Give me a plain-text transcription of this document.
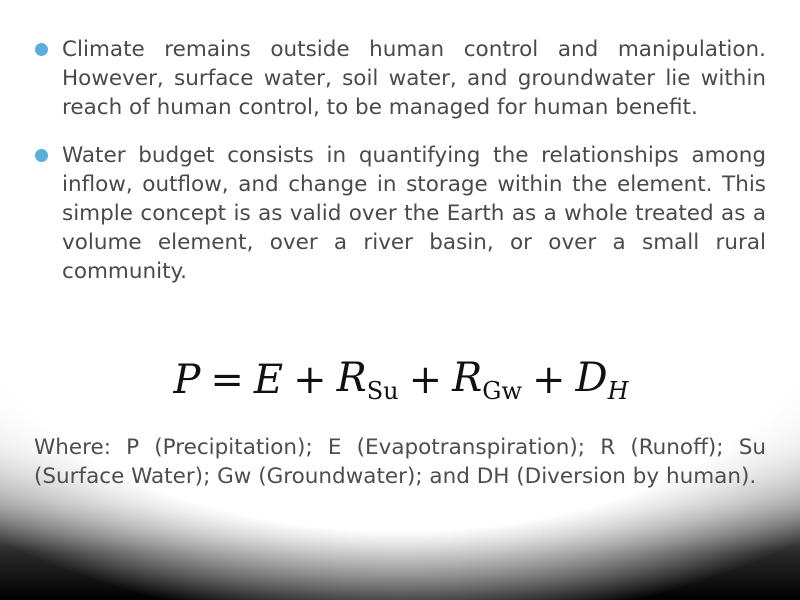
Climate remains outside human control and manipulation. However, surface water, soil water, and groundwater lie within reach of human control, to be managed for human benefit.
Water budget consists in quantifying the relationships among inflow, outflow, and change in storage within the element. This simple concept is as valid over the Earth as a whole treated as a volume element, over a river basin, or over a small rural community.
$P = E + R_{Su} + R_{Gw} + D_H$
Where: P (Precipitation); E (Evapotranspiration); R (Runoff); Su (Surface Water); Gw (Groundwater); and DH (Diversion by human).
